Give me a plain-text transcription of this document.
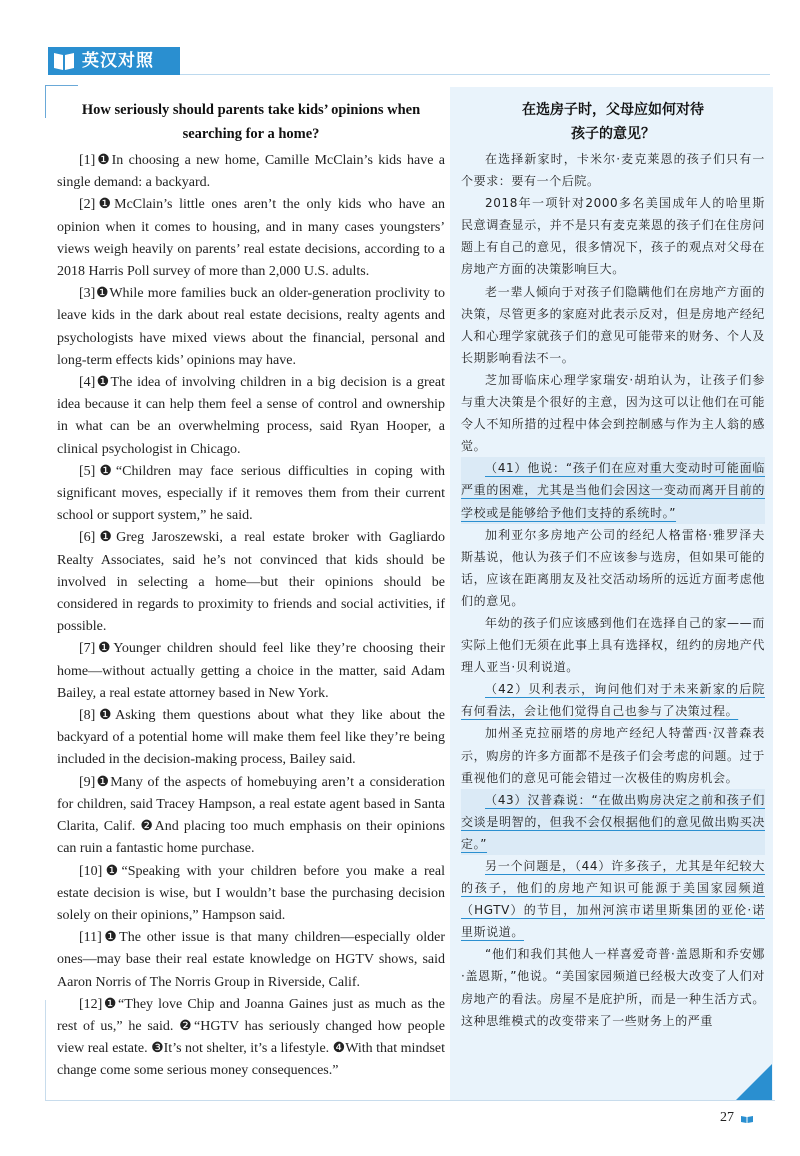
英汉对照
How seriously should parents take kids’ opinions when searching for a home?

[1]❶In choosing a new home, Camille McClain’s kids have a single demand: a backyard.

[2]❶McClain’s little ones aren’t the only kids who have an opinion when it comes to housing, and in many cases youngsters’ views weigh heavily on parents’ real estate decisions, according to a 2018 Harris Poll survey of more than 2,000 U.S. adults.

[3]❶While more families buck an older-generation proclivity to leave kids in the dark about real estate decisions, realty agents and psychologists have mixed views about the financial, personal and long-term effects kids’ opinions may have.

[4]❶The idea of involving children in a big decision is a great idea because it can help them feel a sense of control and ownership in what can be an overwhelming process, said Ryan Hooper, a clinical psychologist in Chicago.

[5]❶“Children may face serious difficulties in coping with significant moves, especially if it removes them from their current school or support system,” he said.

[6]❶Greg Jaroszewski, a real estate broker with Gagliardo Realty Associates, said he’s not convinced that kids should be involved in selecting a home—but their opinions should be considered in regards to proximity to friends and social activities, if possible.

[7]❶Younger children should feel like they’re choosing their home—without actually getting a choice in the matter, said Adam Bailey, a real estate attorney based in New York.

[8]❶Asking them questions about what they like about the backyard of a potential home will make them feel like they’re being included in the decision-making process, Bailey said.

[9]❶Many of the aspects of homebuying aren’t a consideration for children, said Tracey Hampson, a real estate agent based in Santa Clarita, Calif. ❷And placing too much emphasis on their opinions can ruin a fantastic home purchase.

[10]❶“Speaking with your children before you make a real estate decision is wise, but I wouldn’t base the purchasing decision solely on their opinions,” Hampson said.

[11]❶The other issue is that many children—especially older ones—may base their real estate knowledge on HGTV shows, said Aaron Norris of The Norris Group in Riverside, Calif.

[12]❶“They love Chip and Joanna Gaines just as much as the rest of us,” he said. ❷“HGTV has seriously changed how people view real estate. ❸It’s not shelter, it’s a lifestyle. ❹With that mindset change come some serious money consequences.”

在选房子时，父母应如何对待
孩子的意见？

在选择新家时，卡米尔·麦克莱恩的孩子们只有一个要求：要有一个后院。

2018年一项针对2000多名美国成年人的哈里斯民意调查显示，并不是只有麦克莱恩的孩子们在住房问题上有自己的意见，很多情况下，孩子的观点对父母在房地产方面的决策影响巨大。

老一辈人倾向于对孩子们隐瞒他们在房地产方面的决策，尽管更多的家庭对此表示反对，但是房地产经纪人和心理学家就孩子们的意见可能带来的财务、个人及长期影响看法不一。

芝加哥临床心理学家瑞安·胡珀认为，让孩子们参与重大决策是个很好的主意，因为这可以让他们在可能令人不知所措的过程中体会到控制感与作为主人翁的感觉。

（41）他说：“孩子们在应对重大变动时可能面临严重的困难，尤其是当他们会因这一变动而离开目前的学校或是能够给予他们支持的系统时。”

加利亚尔多房地产公司的经纪人格雷格·雅罗泽夫斯基说，他认为孩子们不应该参与选房，但如果可能的话，应该在距离朋友及社交活动场所的远近方面考虑他们的意见。

年幼的孩子们应该感到他们在选择自己的家——而实际上他们无须在此事上具有选择权，纽约的房地产代理人亚当·贝利说道。

（42）贝利表示，询问他们对于未来新家的后院有何看法，会让他们觉得自己也参与了决策过程。

加州圣克拉丽塔的房地产经纪人特蕾西·汉普森表示，购房的许多方面都不是孩子们会考虑的问题。过于重视他们的意见可能会错过一次极佳的购房机会。

（43）汉普森说：“在做出购房决定之前和孩子们交谈是明智的，但我不会仅根据他们的意见做出购买决定。”

另一个问题是，（44）许多孩子，尤其是年纪较大的孩子，他们的房地产知识可能源于美国家园频道（HGTV）的节目，加州河滨市诺里斯集团的亚伦·诺里斯说道。

“他们和我们其他人一样喜爱奇普·盖恩斯和乔安娜·盖恩斯，”他说。“美国家园频道已经极大改变了人们对房地产的看法。房屋不是庇护所，而是一种生活方式。这种思维模式的改变带来了一些财务上的严重

27
